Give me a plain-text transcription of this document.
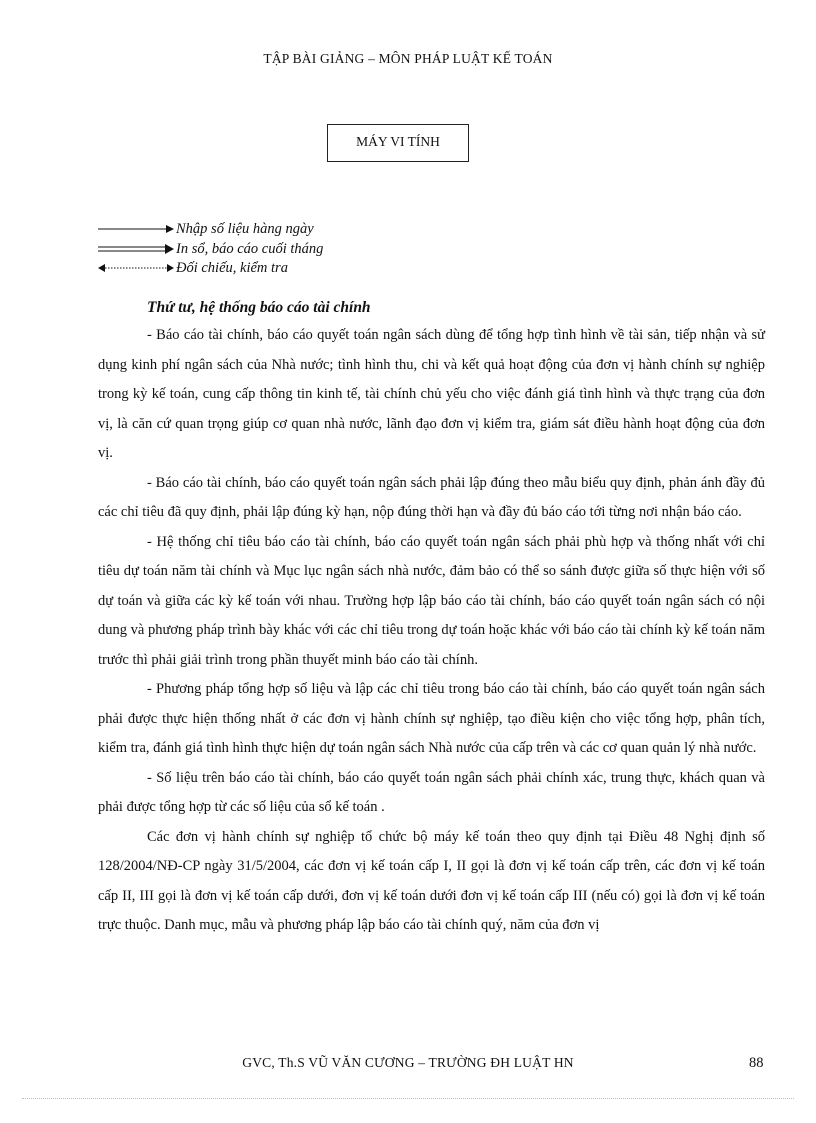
TẬP BÀI GIẢNG – MÔN PHÁP LUẬT KẾ TOÁN
MÁY VI TÍNH
Nhập số liệu hàng ngày
In sổ, báo cáo cuối tháng
Đối chiếu, kiểm tra
Thứ tư, hệ thống báo cáo tài chính

- Báo cáo tài chính, báo cáo quyết toán ngân sách dùng để tổng hợp tình hình về tài sản, tiếp nhận và sử dụng kinh phí ngân sách của Nhà nước; tình hình thu, chi và kết quả hoạt động của đơn vị hành chính sự nghiệp trong kỳ kế toán, cung cấp thông tin kinh tế, tài chính chủ yếu cho việc đánh giá tình hình và thực trạng của đơn vị, là căn cứ quan trọng giúp cơ quan nhà nước, lãnh đạo đơn vị kiểm tra, giám sát điều hành hoạt động của đơn vị.

- Báo cáo tài chính, báo cáo quyết toán ngân sách phải lập đúng theo mẫu biểu quy định, phản ánh đầy đủ các chỉ tiêu đã quy định, phải lập đúng kỳ hạn, nộp đúng thời hạn và đầy đủ báo cáo tới từng nơi nhận báo cáo.

- Hệ thống chỉ tiêu báo cáo tài chính, báo cáo quyết toán ngân sách phải phù hợp và thống nhất với chỉ tiêu dự toán năm tài chính và Mục lục ngân sách nhà nước, đảm bảo có thể so sánh được giữa số thực hiện với số dự toán và giữa các kỳ kế toán với nhau. Trường hợp lập báo cáo tài chính, báo cáo quyết toán ngân sách có nội dung và phương pháp trình bày khác với các chỉ tiêu trong dự toán hoặc khác với báo cáo tài chính kỳ kế toán năm trước thì phải giải trình trong phần thuyết minh báo cáo tài chính.

- Phương pháp tổng hợp số liệu và lập các chỉ tiêu trong báo cáo tài chính, báo cáo quyết toán ngân sách phải được thực hiện thống nhất ở các đơn vị hành chính sự nghiệp, tạo điều kiện cho việc tổng hợp, phân tích, kiểm tra, đánh giá tình hình thực hiện dự toán ngân sách Nhà nước của cấp trên và các cơ quan quản lý nhà nước.

- Số liệu trên báo cáo tài chính, báo cáo quyết toán ngân sách phải chính xác, trung thực, khách quan và phải được tổng hợp từ các số liệu của sổ kế toán .

Các đơn vị hành chính sự nghiệp tổ chức bộ máy kế toán theo quy định tại Điều 48 Nghị định số 128/2004/NĐ-CP ngày 31/5/2004, các đơn vị kế toán cấp I, II gọi là đơn vị kế toán cấp trên, các đơn vị kế toán cấp II, III gọi là đơn vị kế toán cấp dưới, đơn vị kế toán dưới đơn vị kế toán cấp III (nếu có) gọi là đơn vị kế toán trực thuộc. Danh mục, mẫu và phương pháp lập báo cáo tài chính quý, năm của đơn vị

GVC, Th.S VŨ VĂN CƯƠNG – TRƯỜNG ĐH LUẬT HN	88
